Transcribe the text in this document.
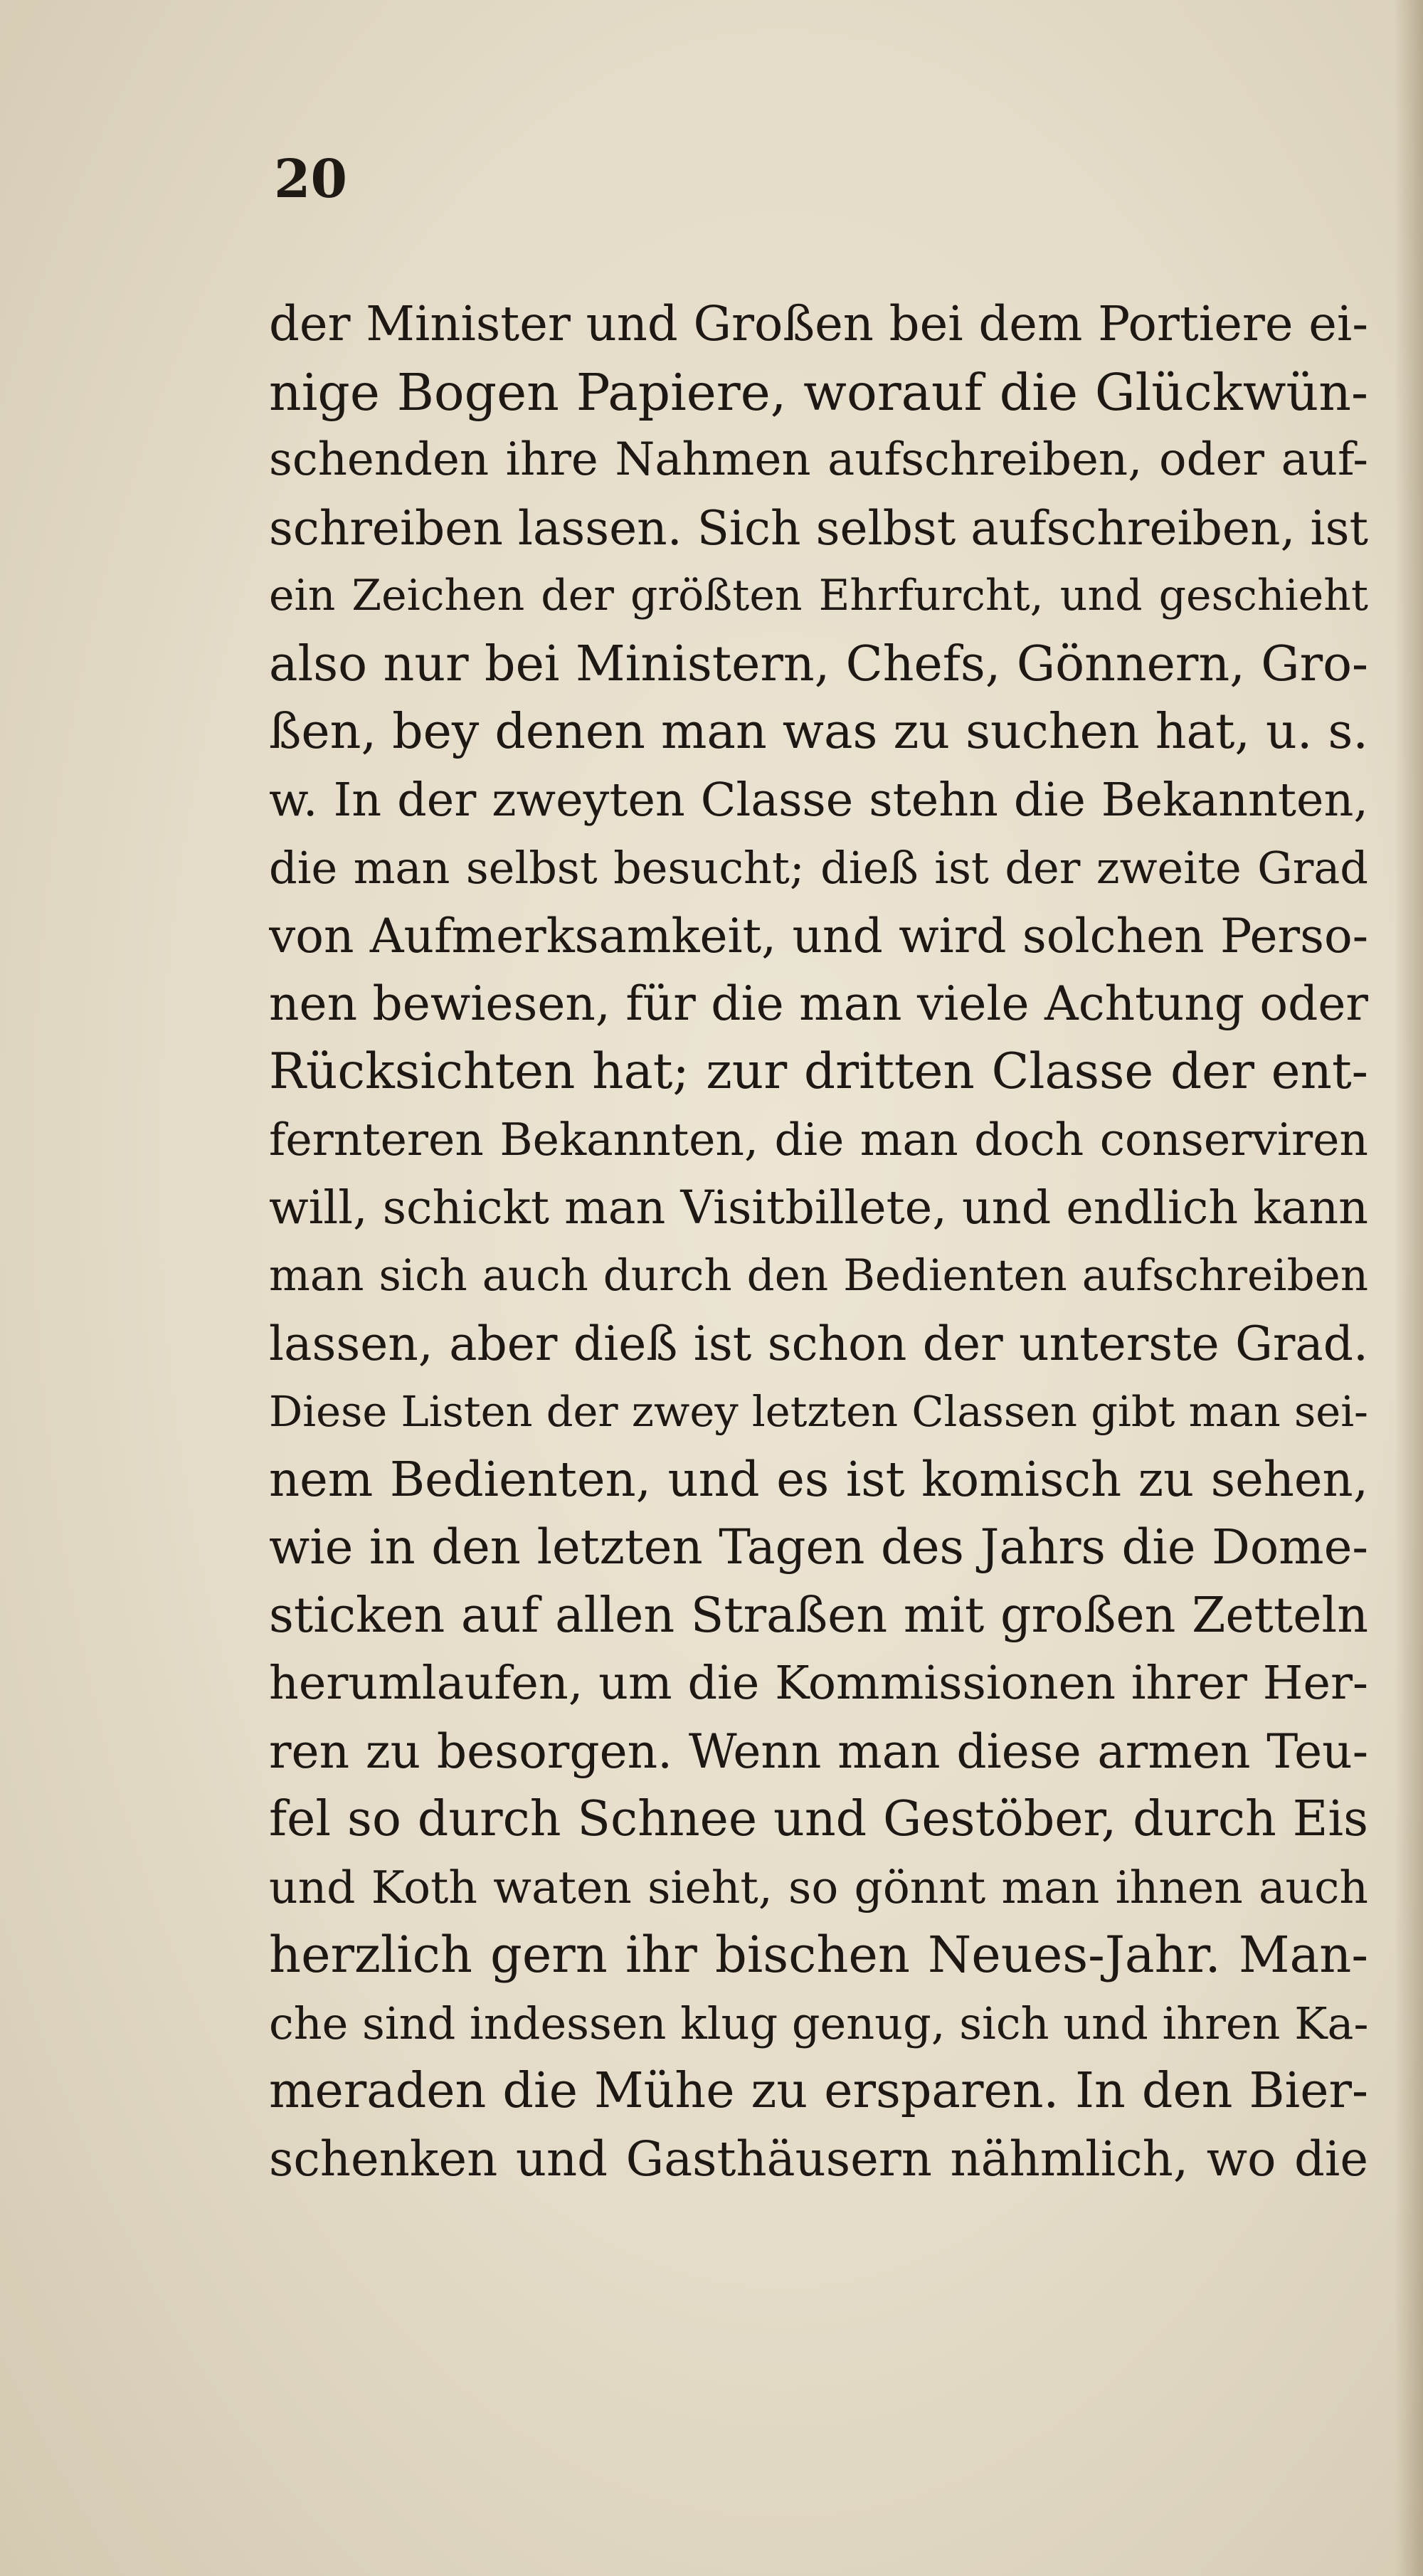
20
der Minister und Großen bei dem Portiere ei-
nige Bogen Papiere, worauf die Glückwün-
schenden ihre Nahmen aufschreiben, oder auf-
schreiben lassen. Sich selbst aufschreiben, ist
ein Zeichen der größten Ehrfurcht, und geschieht
also nur bei Ministern, Chefs, Gönnern, Gro-
ßen, bey denen man was zu suchen hat, u. s.
w. In der zweyten Classe stehn die Bekannten,
die man selbst besucht; dieß ist der zweite Grad
von Aufmerksamkeit, und wird solchen Perso-
nen bewiesen, für die man viele Achtung oder
Rücksichten hat; zur dritten Classe der ent-
fernteren Bekannten, die man doch conserviren
will, schickt man Visitbillete, und endlich kann
man sich auch durch den Bedienten aufschreiben
lassen, aber dieß ist schon der unterste Grad.
Diese Listen der zwey letzten Classen gibt man sei-
nem Bedienten, und es ist komisch zu sehen,
wie in den letzten Tagen des Jahrs die Dome-
sticken auf allen Straßen mit großen Zetteln
herumlaufen, um die Kommissionen ihrer Her-
ren zu besorgen. Wenn man diese armen Teu-
fel so durch Schnee und Gestöber, durch Eis
und Koth waten sieht, so gönnt man ihnen auch
herzlich gern ihr bischen Neues-Jahr. Man-
che sind indessen klug genug, sich und ihren Ka-
meraden die Mühe zu ersparen. In den Bier-
schenken und Gasthäusern nähmlich, wo die
